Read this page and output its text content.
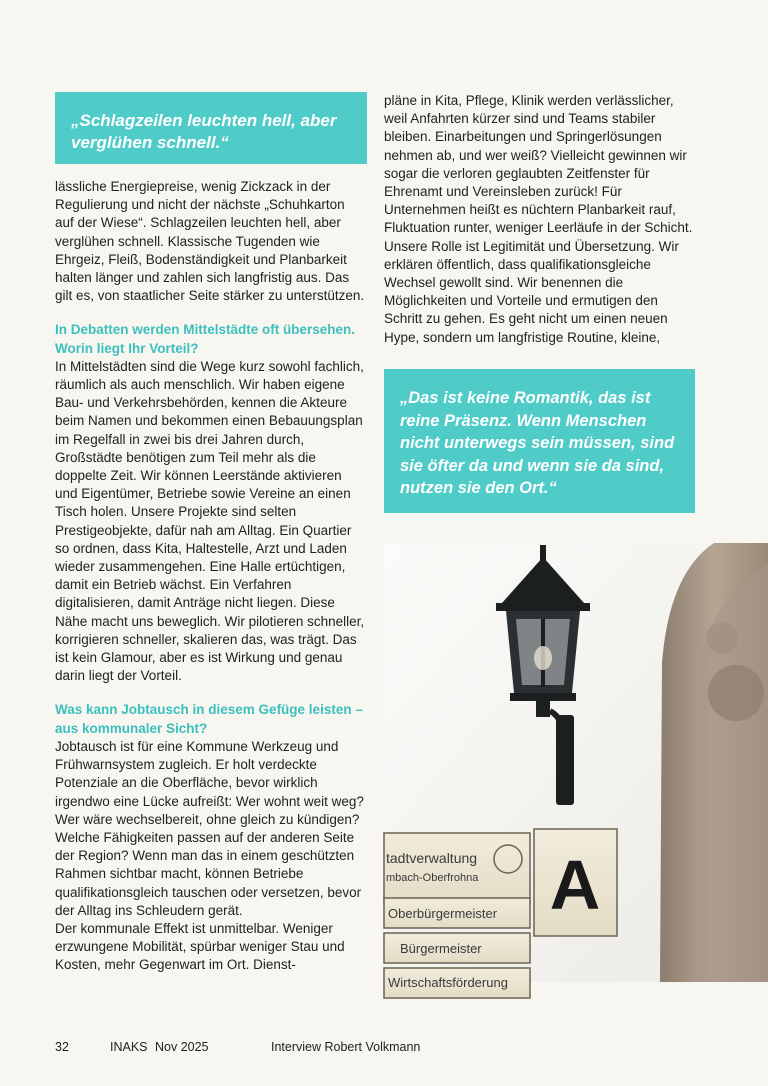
„Schlagzeilen leuchten hell, aber verglühen schnell.“

lässliche Energiepreise, wenig Zickzack in der Regulierung und nicht der nächste „Schuhkarton auf der Wiese“. Schlagzeilen leuchten hell, aber verglühen schnell. Klassische Tugenden wie Ehrgeiz, Fleiß, Bodenständigkeit und Planbarkeit halten länger und zahlen sich langfristig aus. Das gilt es, von staatlicher Seite stärker zu unterstützen.

In Debatten werden Mittelstädte oft übersehen. Worin liegt Ihr Vorteil?

In Mittelstädten sind die Wege kurz sowohl fachlich, räumlich als auch menschlich. Wir haben eigene Bau- und Verkehrsbehörden, kennen die Akteure beim Namen und bekommen einen Bebauungsplan im Regelfall in zwei bis drei Jahren durch, Großstädte benötigen zum Teil mehr als die doppelte Zeit. Wir können Leerstände aktivieren und Eigentümer, Betriebe sowie Vereine an einen Tisch holen. Unsere Projekte sind selten Prestigeobjekte, dafür nah am Alltag. Ein Quartier so ordnen, dass Kita, Haltestelle, Arzt und Laden wieder zusammengehen. Eine Halle ertüchtigen, damit ein Betrieb wächst. Ein Verfahren digitalisieren, damit Anträge nicht liegen. Diese Nähe macht uns beweglich. Wir pilotieren schneller, korrigieren schneller, skalieren das, was trägt. Das ist kein Glamour, aber es ist Wirkung und genau darin liegt der Vorteil.

Was kann Jobtausch in diesem Gefüge leisten – aus kommunaler Sicht?

Jobtausch ist für eine Kommune Werkzeug und Frühwarnsystem zugleich. Er holt verdeckte Potenziale an die Oberfläche, bevor wirklich irgendwo eine Lücke aufreißt: Wer wohnt weit weg? Wer wäre wechselbereit, ohne gleich zu kündigen? Welche Fähigkeiten passen auf der anderen Seite der Region? Wenn man das in einem geschützten Rahmen sichtbar macht, können Betriebe qualifikationsgleich tauschen oder versetzen, bevor der Alltag ins Schleudern gerät.

Der kommunale Effekt ist unmittelbar. Weniger erzwungene Mobilität, spürbar weniger Stau und Kosten, mehr Gegenwart im Ort. Dienst-

pläne in Kita, Pflege, Klinik werden verlässlicher, weil Anfahrten kürzer sind und Teams stabiler bleiben. Einarbeitungen und Springerlösungen nehmen ab, und wer weiß? Vielleicht gewinnen wir sogar die verloren geglaubten Zeitfenster für Ehrenamt und Vereinsleben zurück! Für Unternehmen heißt es nüchtern Planbarkeit rauf, Fluktuation runter, weniger Leerläufe in der Schicht.

Unsere Rolle ist Legitimität und Übersetzung. Wir erklären öffentlich, dass qualifikationsgleiche Wechsel gewollt sind. Wir benennen die Möglichkeiten und Vorteile und ermutigen den Schritt zu gehen. Es geht nicht um einen neuen Hype, sondern um langfristige Routine, kleine,

„Das ist keine Romantik, das ist reine Präsenz. Wenn Menschen nicht unterwegs sein müssen, sind sie öfter da und wenn sie da sind, nutzen sie den Ort.“
tadtverwaltung
mbach-Oberfrohna A
Oberbürgermeister
Bürgermeister
Wirtschaftsförderung
32	INAKS Nov 2025	Interview Robert Volkmann
